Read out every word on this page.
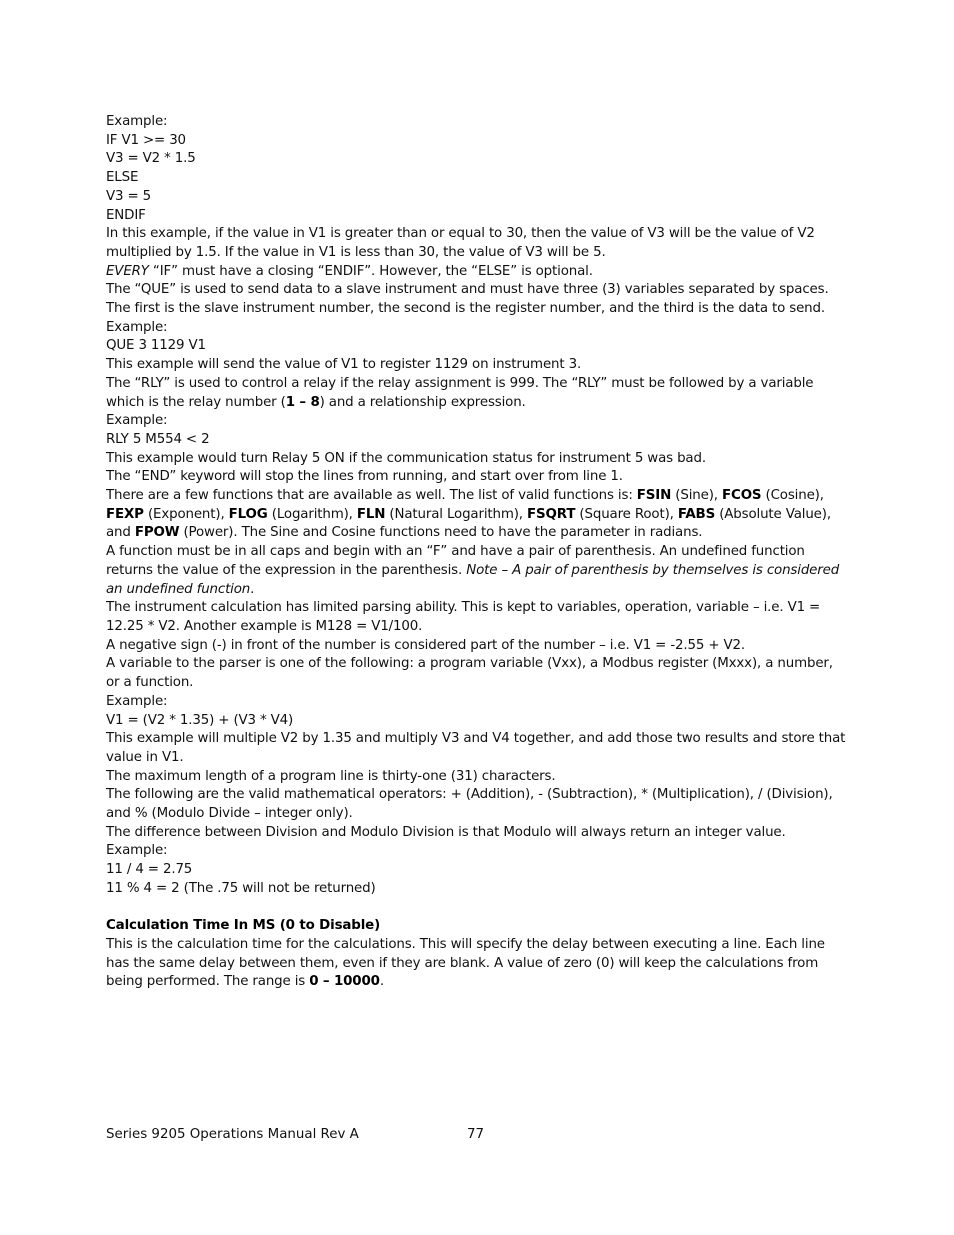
Example:
IF V1 >= 30
V3 = V2 * 1.5
ELSE
V3 = 5
ENDIF
In this example, if the value in V1 is greater than or equal to 30, then the value of V3 will be the value of V2 multiplied by 1.5. If the value in V1 is less than 30, the value of V3 will be 5.
EVERY “IF” must have a closing “ENDIF”. However, the “ELSE” is optional.
The “QUE” is used to send data to a slave instrument and must have three (3) variables separated by spaces. The first is the slave instrument number, the second is the register number, and the third is the data to send.
Example:
QUE 3 1129 V1
This example will send the value of V1 to register 1129 on instrument 3.
The “RLY” is used to control a relay if the relay assignment is 999. The “RLY” must be followed by a variable which is the relay number (1 – 8) and a relationship expression.
Example:
RLY 5 M554 < 2
This example would turn Relay 5 ON if the communication status for instrument 5 was bad.
The “END” keyword will stop the lines from running, and start over from line 1.
There are a few functions that are available as well. The list of valid functions is: FSIN (Sine), FCOS (Cosine), FEXP (Exponent), FLOG (Logarithm), FLN (Natural Logarithm), FSQRT (Square Root), FABS (Absolute Value), and FPOW (Power). The Sine and Cosine functions need to have the parameter in radians.
A function must be in all caps and begin with an “F” and have a pair of parenthesis. An undefined function returns the value of the expression in the parenthesis. Note – A pair of parenthesis by themselves is considered an undefined function.
The instrument calculation has limited parsing ability. This is kept to variables, operation, variable – i.e. V1 = 12.25 * V2. Another example is M128 = V1/100.
A negative sign (-) in front of the number is considered part of the number – i.e. V1 = -2.55 + V2.
A variable to the parser is one of the following: a program variable (Vxx), a Modbus register (Mxxx), a number, or a function.
Example:
V1 = (V2 * 1.35) + (V3 * V4)
This example will multiple V2 by 1.35 and multiply V3 and V4 together, and add those two results and store that value in V1.
The maximum length of a program line is thirty-one (31) characters.
The following are the valid mathematical operators: + (Addition), - (Subtraction), * (Multiplication), / (Division), and % (Modulo Divide – integer only).
The difference between Division and Modulo Division is that Modulo will always return an integer value.
Example:
11 / 4 = 2.75
11 % 4 = 2 (The .75 will not be returned)
Calculation Time In MS (0 to Disable)
This is the calculation time for the calculations. This will specify the delay between executing a line. Each line has the same delay between them, even if they are blank. A value of zero (0) will keep the calculations from being performed. The range is 0 – 10000.
Series 9205 Operations Manual Rev A	77
